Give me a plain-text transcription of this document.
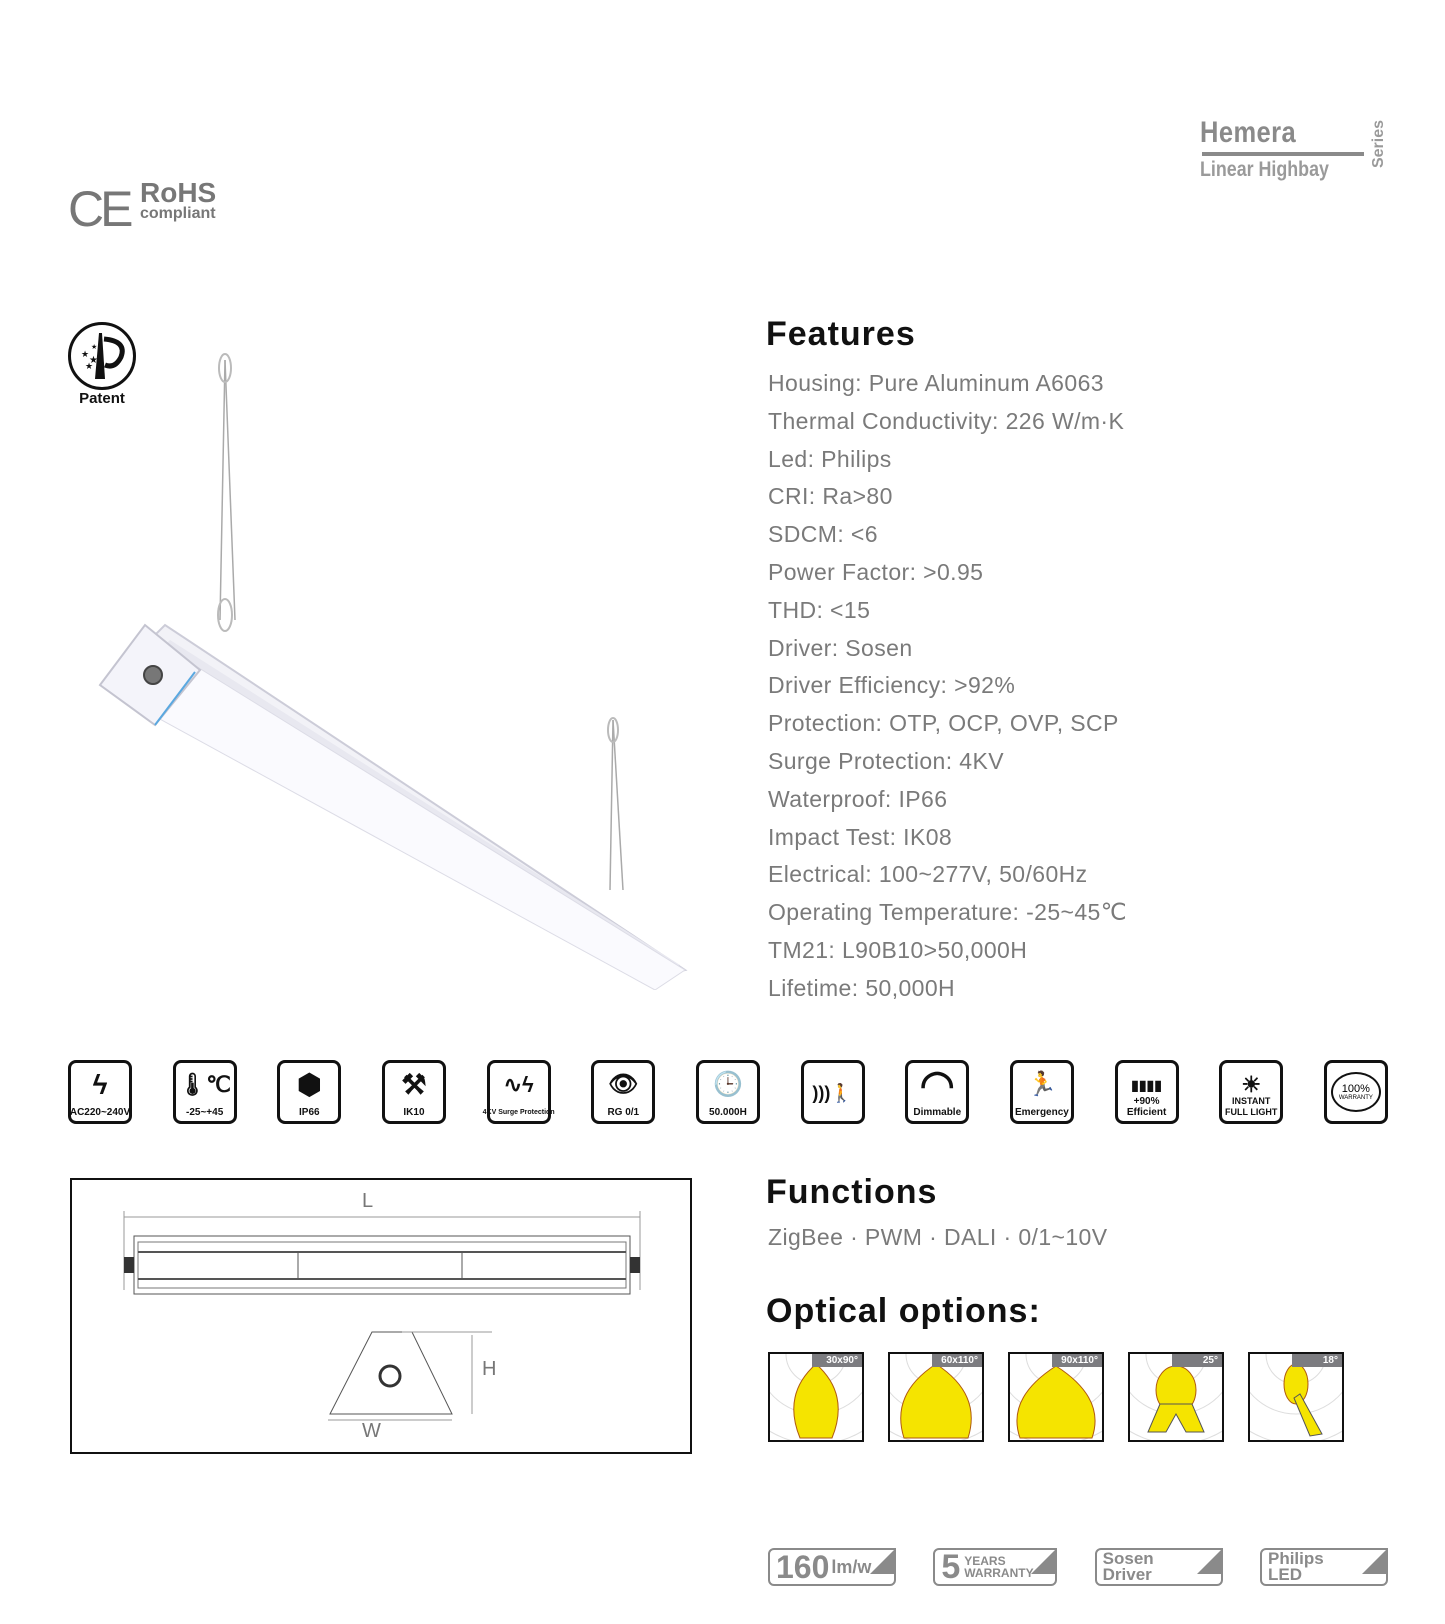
Hemera
Linear Highbay
Series
CE RoHS
compliant
★
★
★
★
Patent
Features
Housing: Pure Aluminum A6063
Thermal Conductivity: 226 W/m·K
Led: Philips
CRI: Ra>80
SDCM: <6
Power Factor: >0.95
THD: <15
Driver: Sosen
Driver Efficiency: >92%
Protection: OTP, OCP, OVP, SCP
Surge Protection: 4KV
Waterproof: IP66
Impact Test: IK08
Electrical: 100~277V, 50/60Hz
Operating Temperature: -25~45℃
TM21: L90B10>50,000H
Lifetime: 50,000H
ϟ
AC220~240V
🌡℃
-25~+45
⬢
IP66
⚒
IK10
∿ϟ
4KV Surge Protection
👁
RG 0/1
🕒
50.000H
)))🚶 ◠
Dimmable
🏃
Emergency
▮▮▮▮
+90% Efficient
☀
INSTANT FULL LIGHT
100%
WARRANTY
L
H
W
Functions
ZigBee · PWM · DALI · 0/1~10V
Optical options:
30x90°	60x110°	90x110°	25°	18°
160 lm/w 5 YEARS WARRANTY
Sosen
Driver
Philips
LED
